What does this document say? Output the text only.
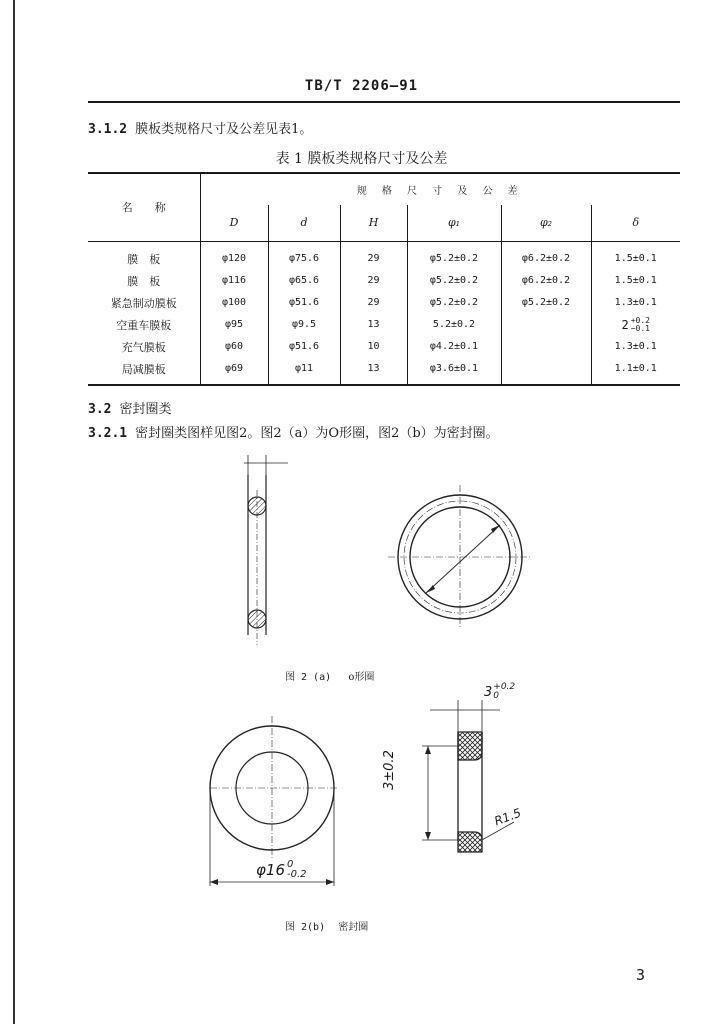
TB/T 2206—91
3.1.2 膜板类规格尺寸及公差见表1。
表 1 膜板类规格尺寸及公差
名　　称	规 格 尺 寸 及 公 差					
	D	d	H	φ₁	φ₂	δ
膜　板	φ120	φ75.6	29	φ5.2±0.2	φ6.2±0.2	1.5±0.1
膜　板	φ116	φ65.6	29	φ5.2±0.2	φ6.2±0.2	1.5±0.1
紧急制动膜板	φ100	φ51.6	29	φ5.2±0.2	φ5.2±0.2	1.3±0.1
空重车膜板	φ95	φ9.5	13	5.2±0.2		2 +0.2
−0.1

充气膜板	φ60	φ51.6	10	φ4.2±0.1		1.3±0.1
局减膜板	φ69	φ11	13	φ3.6±0.1		1.1±0.1
3.2 密封圈类
3.2.1 密封圈类图样见图2。图2（a）为O形圈，图2（b）为密封圈。
图 2 (a) o形圈
φ16 0
-0.2
3 +0.2
0
3±0.2
R1.5
图 2(b) 密封圈
3
